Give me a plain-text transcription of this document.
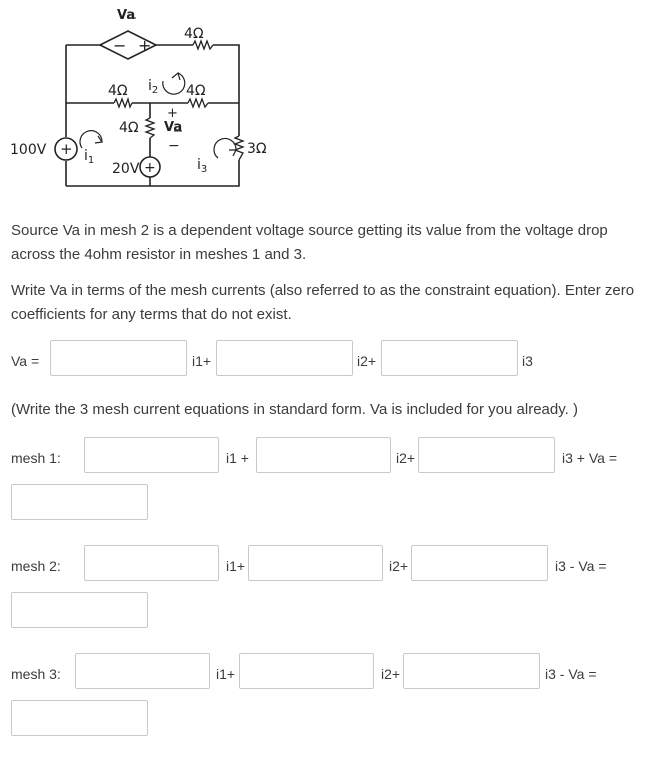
− +
Va
+
+
4Ω
4Ω	4Ω
4Ω
3Ω
+
Va
−
100V
20V
$i_1$
$i_2$
$i_3$
Source Va in mesh 2 is a dependent voltage source getting its value from the voltage drop across the 4ohm resistor in meshes 1 and 3.
Write Va in terms of the mesh currents (also referred to as the constraint equation). Enter zero coefficients for any terms that do not exist.
Va =	i1+	i2+	i3
(Write the 3 mesh current equations in standard form. Va is included for you already. )
mesh 1:	i1 +	i2+	i3 + Va =
mesh 2:	i1+	i2+	i3 - Va =
mesh 3:	i1+	i2+	i3 - Va =
